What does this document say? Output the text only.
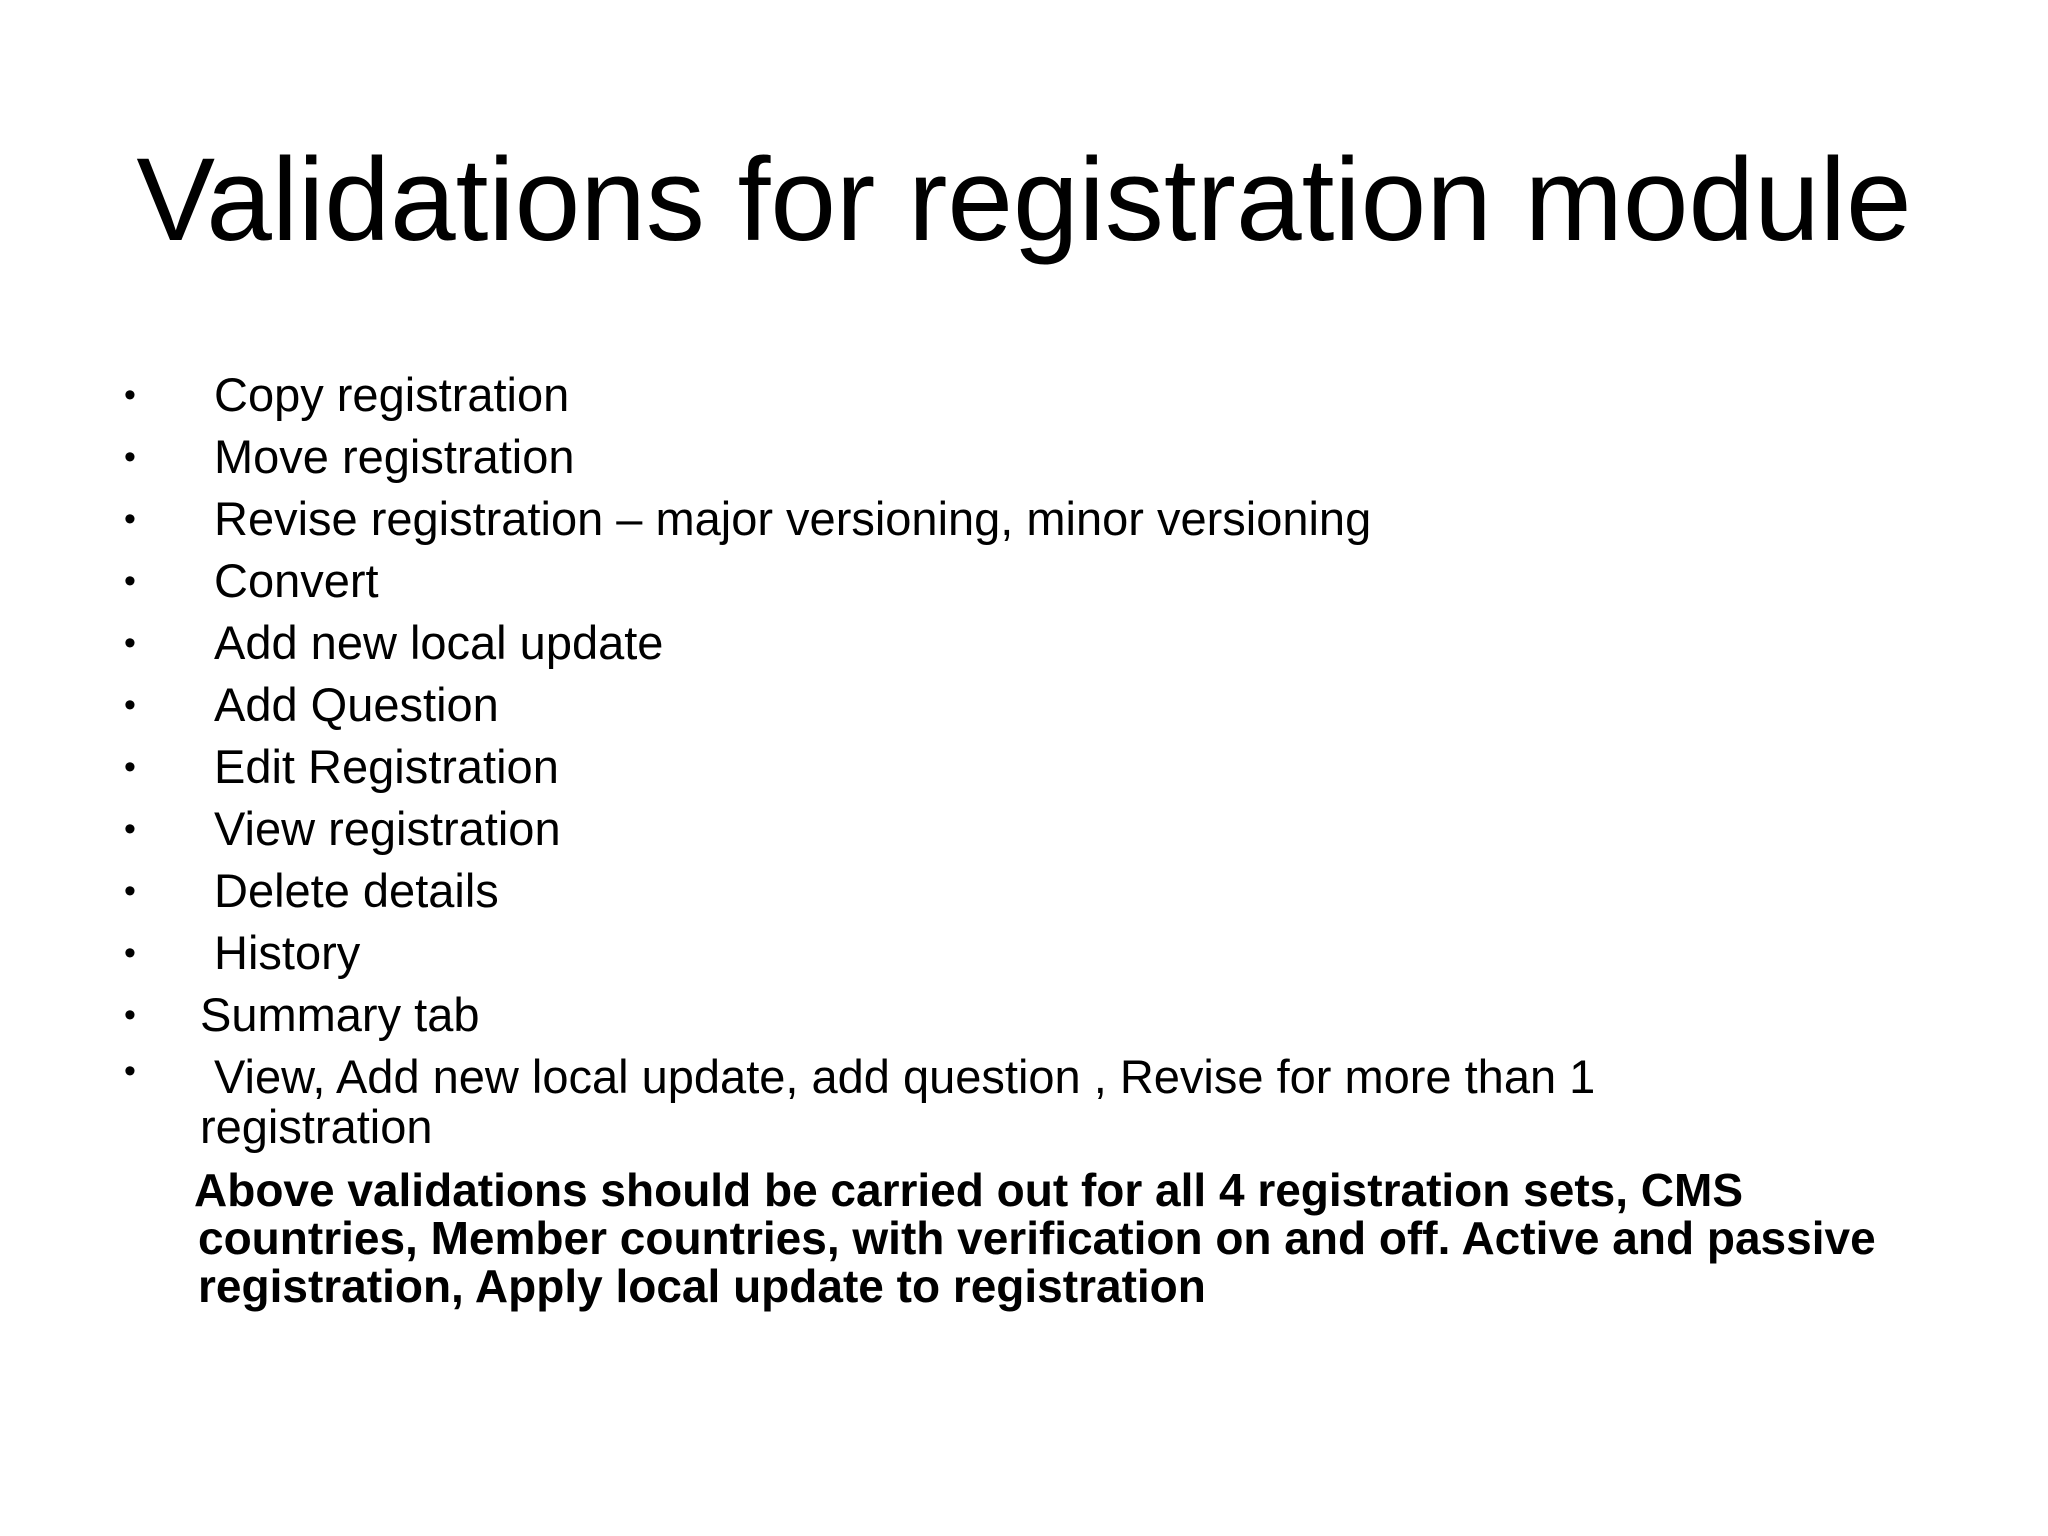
Validations for registration module
•	Copy registration
•	Move registration
•	Revise registration – major versioning, minor versioning
•	Convert
•	Add new local update
•	Add Question
•	Edit Registration
•	View registration
•	Delete details
•	History
•	Summary tab
•	View, Add new local update, add question , Revise for more than 1
registration

Above validations should be carried out for all 4 registration sets, CMS countries, Member countries, with verification on and off. Active and passive registration, Apply local update to registration
